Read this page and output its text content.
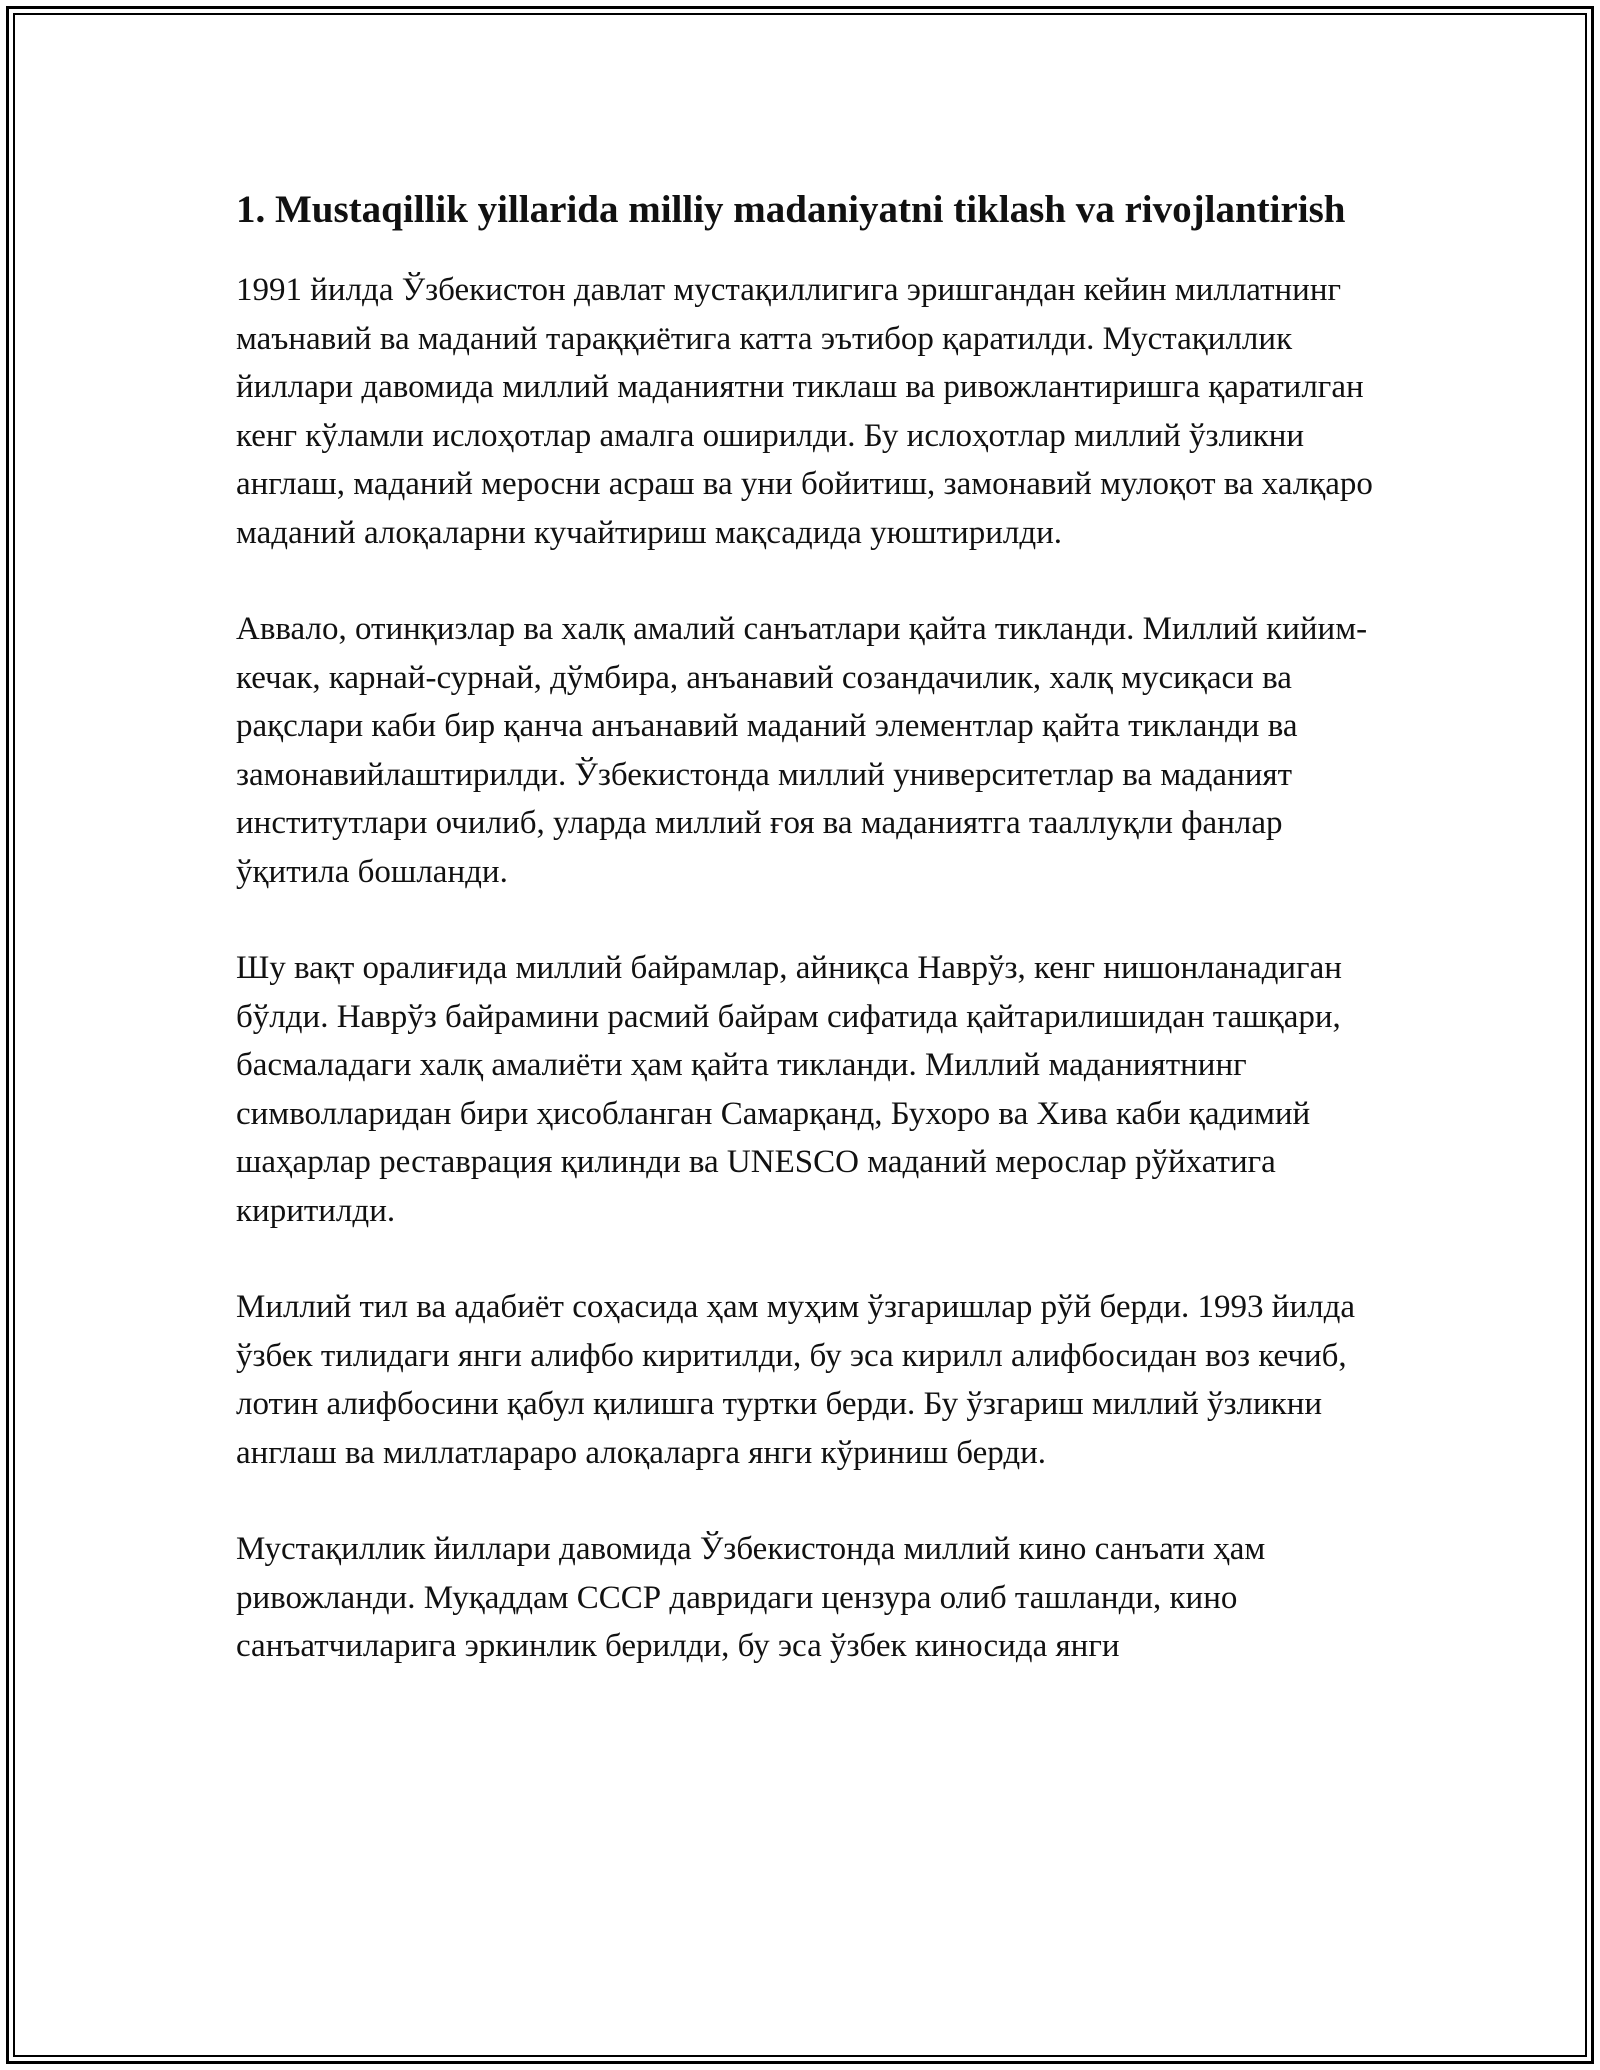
1. Mustaqillik yillarida milliy madaniyatni tiklash va rivojlantirish

1991 йилда Ўзбекистон давлат мустақиллигига эришгандан кейин миллатнинг маънавий ва маданий тараққиётига катта эътибор қаратилди. Мустақиллик йиллари давомида миллий маданиятни тиклаш ва ривожлантиришга қаратилган кенг кўламли ислоҳотлар амалга оширилди. Бу ислоҳотлар миллий ўзликни англаш, маданий меросни асраш ва уни бойитиш, замонавий мулоқот ва халқаро маданий алоқаларни кучайтириш мақсадида уюштирилди.

Аввало, отинқизлар ва халқ амалий санъатлари қайта тикланди. Миллий кийим-кечак, карнай-сурнай, дўмбира, анъанавий созандачилик, халқ мусиқаси ва рақслари каби бир қанча анъанавий маданий элементлар қайта тикланди ва замонавийлаштирилди. Ўзбекистонда миллий университетлар ва маданият институтлари очилиб, уларда миллий ғоя ва маданиятга тааллуқли фанлар ўқитила бошланди.

Шу вақт оралиғида миллий байрамлар, айниқса Наврўз, кенг нишонланадиган бўлди. Наврўз байрамини расмий байрам сифатида қайтарилишидан ташқари, басмаладаги халқ амалиёти ҳам қайта тикланди. Миллий маданиятнинг символларидан бири ҳисобланган Самарқанд, Бухоро ва Хива каби қадимий шаҳарлар реставрация қилинди ва UNESCO маданий мерослар рўйхатига киритилди.

Миллий тил ва адабиёт соҳасида ҳам муҳим ўзгаришлар рўй берди. 1993 йилда ўзбек тилидаги янги алифбо киритилди, бу эса кирилл алифбосидан воз кечиб, лотин алифбосини қабул қилишга туртки берди. Бу ўзгариш миллий ўзликни англаш ва миллатлараро алоқаларга янги кўриниш берди.

Мустақиллик йиллари давомида Ўзбекистонда миллий кино санъати ҳам ривожланди. Муқаддам СССР давридаги цензура олиб ташланди, кино санъатчиларига эркинлик берилди, бу эса ўзбек киносида янги
